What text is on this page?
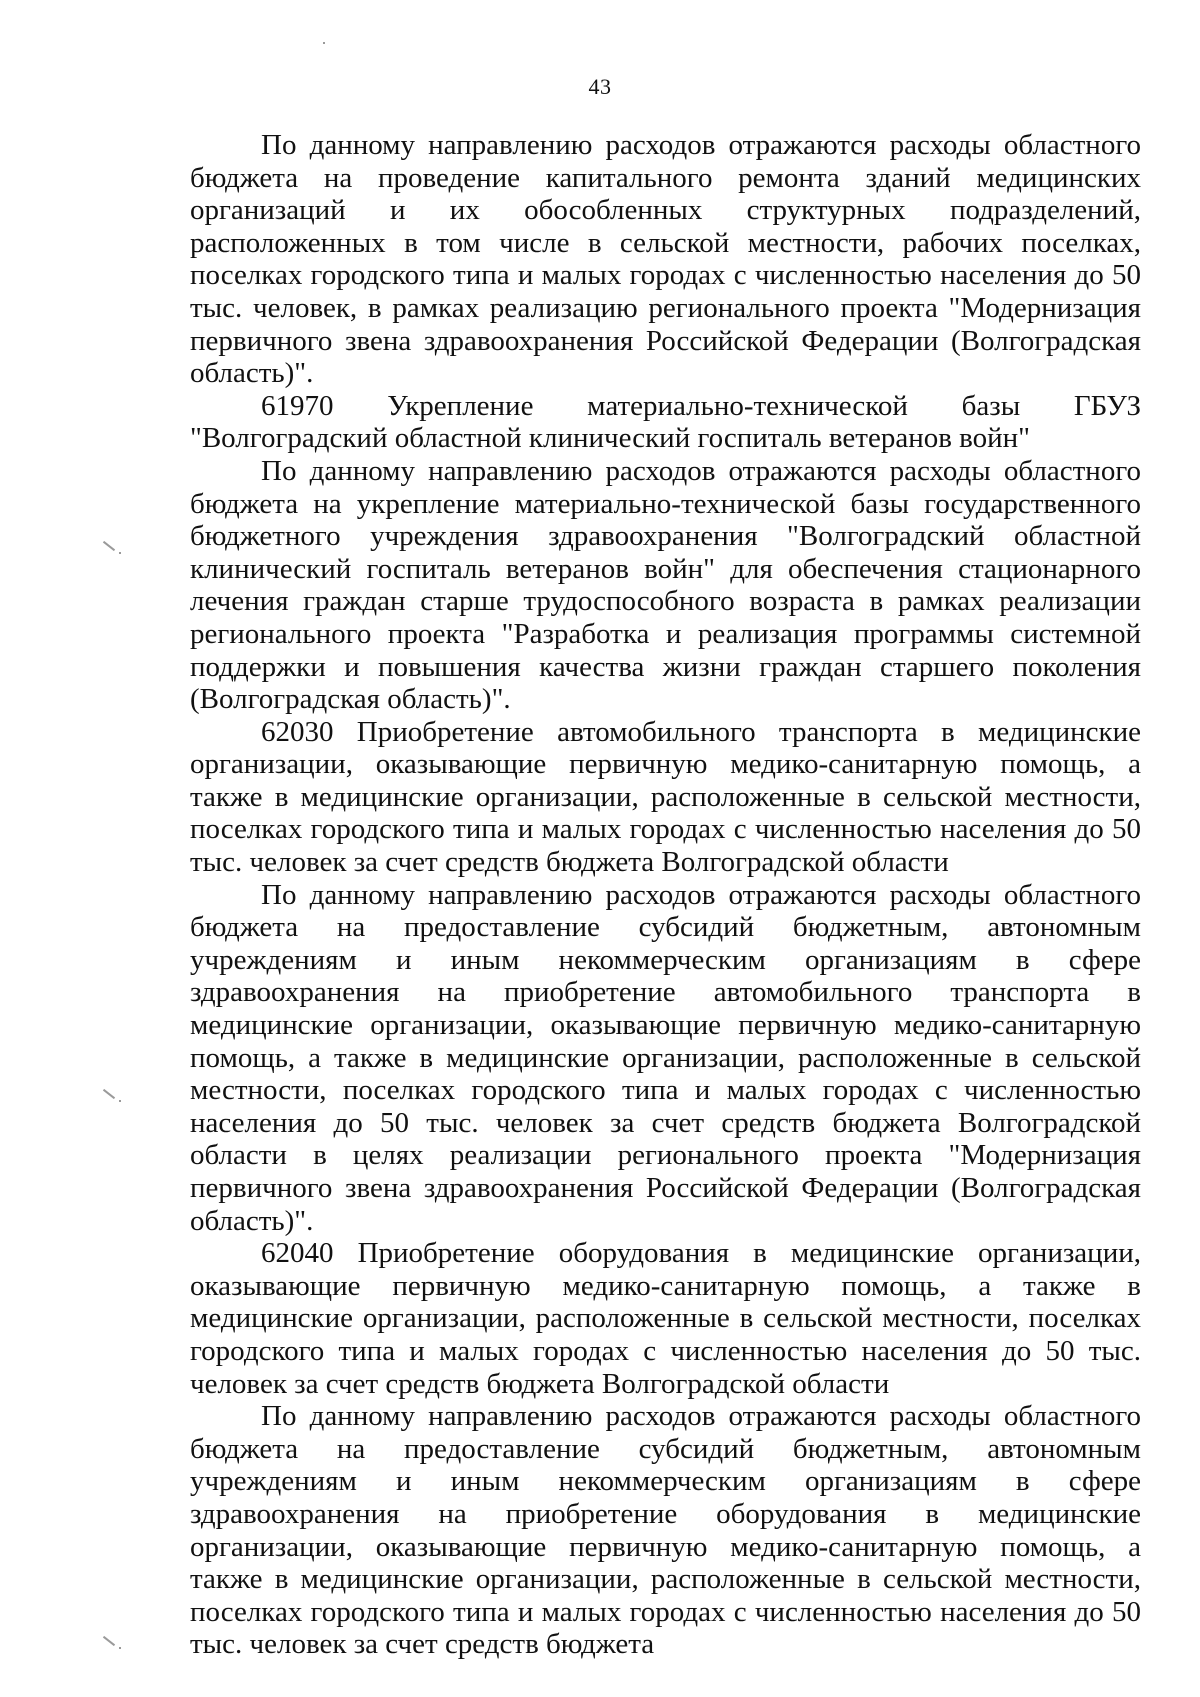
43

По данному направлению расходов отражаются расходы областного бюджета на проведение капитального ремонта зданий медицинских организаций и их обособленных структурных подразделений, расположенных в том числе в сельской местности, рабочих поселках, поселках городского типа и малых городах с численностью населения до 50 тыс. человек, в рамках реализацию регионального проекта "Модернизация первичного звена здравоохранения Российской Федерации (Волгоградская область)".

61970 Укрепление материально-технической базы ГБУЗ "Волгоградский областной клинический госпиталь ветеранов войн"

По данному направлению расходов отражаются расходы областного бюджета на укрепление материально-технической базы государственного бюджетного учреждения здравоохранения "Волгоградский областной клинический госпиталь ветеранов войн" для обеспечения стационарного лечения граждан старше трудоспособного возраста в рамках реализации регионального проекта "Разработка и реализация программы системной поддержки и повышения качества жизни граждан старшего поколения (Волгоградская область)".

62030 Приобретение автомобильного транспорта в медицинские организации, оказывающие первичную медико-санитарную помощь, а также в медицинские организации, расположенные в сельской местности, поселках городского типа и малых городах с численностью населения до 50 тыс. человек за счет средств бюджета Волгоградской области

По данному направлению расходов отражаются расходы областного бюджета на предоставление субсидий бюджетным, автономным учреждениям и иным некоммерческим организациям в сфере здравоохранения на приобретение автомобильного транспорта в медицинские организации, оказывающие первичную медико-санитарную помощь, а также в медицинские организации, расположенные в сельской местности, поселках городского типа и малых городах с численностью населения до 50 тыс. человек за счет средств бюджета Волгоградской области в целях реализации регионального проекта "Модернизация первичного звена здравоохранения Российской Федерации (Волгоградская область)".

62040 Приобретение оборудования в медицинские организации, оказывающие первичную медико-санитарную помощь, а также в медицинские организации, расположенные в сельской местности, поселках городского типа и малых городах с численностью населения до 50 тыс. человек за счет средств бюджета Волгоградской области

По данному направлению расходов отражаются расходы областного бюджета на предоставление субсидий бюджетным, автономным учреждениям и иным некоммерческим организациям в сфере здравоохранения на приобретение оборудования в медицинские организации, оказывающие первичную медико-санитарную помощь, а также в медицинские организации, расположенные в сельской местности, поселках городского типа и малых городах с численностью населения до 50 тыс. человек за счет средств бюджета
